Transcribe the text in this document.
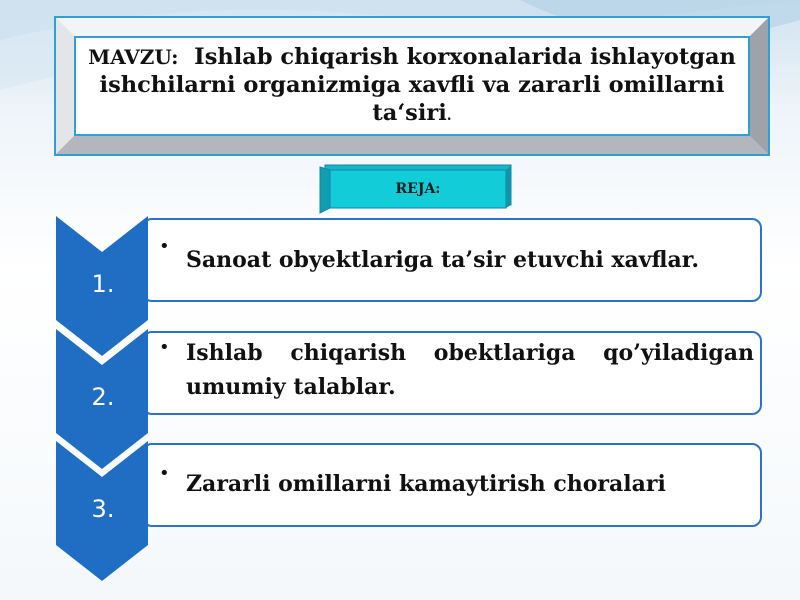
MAVZU: Ishlab chiqarish korxonalarida ishlayotgan ishchilarni organizmiga xavfli va zararli omillarni ta‘siri.
REJA:
1.
•
Sanoat obyektlariga ta’sir etuvchi xavflar.
2.
• Ishlab chiqarish obektlariga qo’yiladigan umumiy talablar.
3.
• Zararli omillarni kamaytirish choralari
